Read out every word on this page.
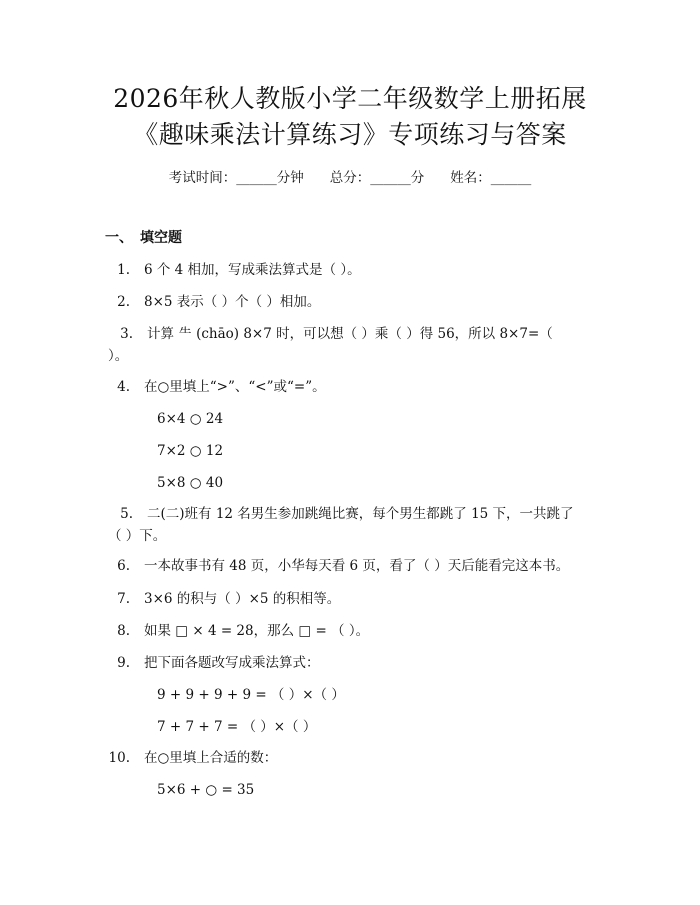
2026年秋人教版小学二年级数学上册拓展
《趣味乘法计算练习》专项练习与答案
考试时间：______分钟 总分：______分 姓名：______
一、　填空题
1. 6 个 4 相加，写成乘法算式是（ ）。
2. 8×5 表示（ ）个（ ）相加。
3. 计算 ⺧ (chāo) 8×7 时，可以想（ ）乘（ ）得 56，所以 8×7=（ ）。
4. 在○里填上“>”、“<”或“=”。
6×4 ○ 24
7×2 ○ 12
5×8 ○ 40
5. 二(二)班有 12 名男生参加跳绳比赛，每个男生都跳了 15 下，一共跳了（ ）下。
6. 一本故事书有 48 页，小华每天看 6 页，看了（ ）天后能看完这本书。
7. 3×6 的积与（ ）×5 的积相等。
8. 如果 □ × 4 = 28，那么 □ = （ ）。
9. 把下面各题改写成乘法算式：
9 + 9 + 9 + 9 = （ ）×（ ）
7 + 7 + 7 = （ ）×（ ）
10. 在○里填上合适的数：
5×6 + ○ = 35
